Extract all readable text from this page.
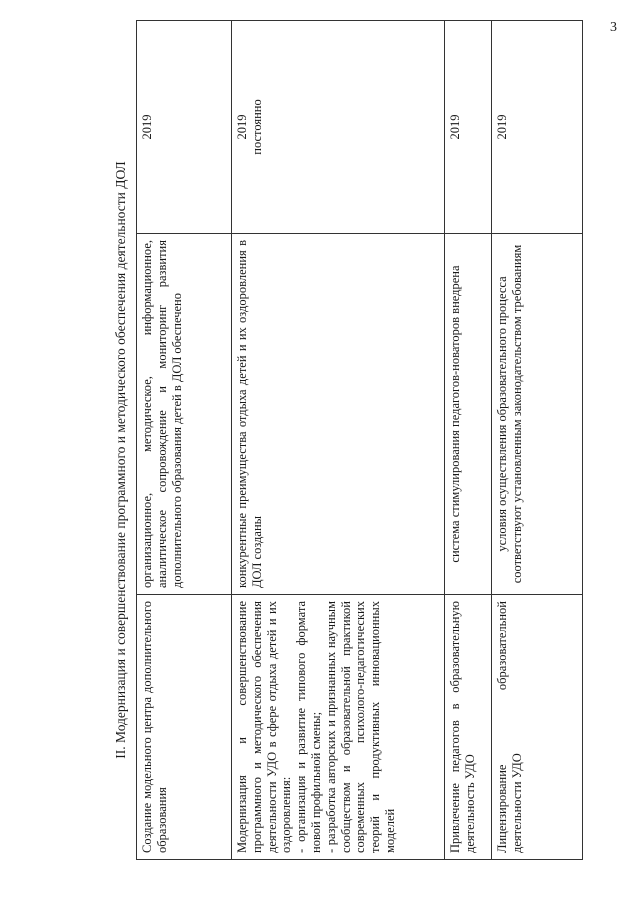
3
II. Модернизация и совершенствование программного и методического обеспечения деятельности ДОЛ Создание модельного центра дополнительного образования	организационное, методическое, информационное, аналитическое сопровождение и мониторинг развития дополнительного образования детей в ДОЛ обеспечено	2019

Модернизация и совершенствование программного и методического обеспечения деятельности УДО в сфере отдыха детей и их оздоровления: - организация и развитие типового формата новой профильной смены; - разработка авторских и признанных научным сообществом и образовательной практикой современных психолого-педагогических теорий и продуктивных инновационных моделей	конкурентные преимущества отдыха детей и их оздоровления в ДОЛ созданы	2019 постоянно

Привлечение педагогов в образовательную деятельность УДО	система стимулирования педагогов-новаторов внедрена	2019
Лицензирование образовательной деятельности УДО	условия осуществления образовательного процесса соответствуют установленным законодательством требованиям	2019
